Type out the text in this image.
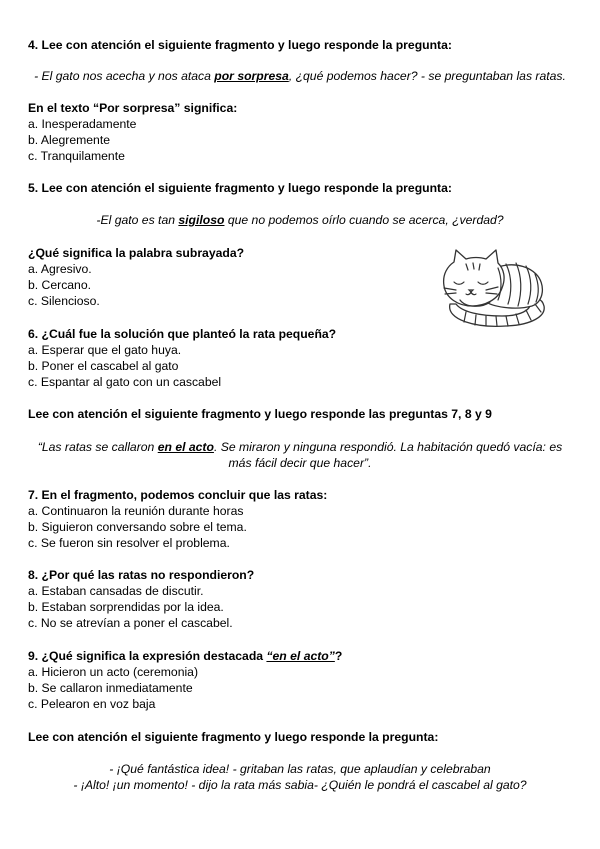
4. Lee con atención el siguiente fragmento y luego responde la pregunta:
- El gato nos acecha y nos ataca por sorpresa, ¿qué podemos hacer? - se preguntaban las ratas.
En el texto “Por sorpresa” significa:
a. Inesperadamente
b. Alegremente
c. Tranquilamente
5. Lee con atención el siguiente fragmento y luego responde la pregunta:
-El gato es tan sigiloso que no podemos oírlo cuando se acerca, ¿verdad?
¿Qué significa la palabra subrayada?
a. Agresivo.
b. Cercano.
c. Silencioso.
6. ¿Cuál fue la solución que planteó la rata pequeña?
a. Esperar que el gato huya.
b. Poner el cascabel al gato
c. Espantar al gato con un cascabel
Lee con atención el siguiente fragmento y luego responde las preguntas 7, 8 y 9
“Las ratas se callaron en el acto. Se miraron y ninguna respondió. La habitación quedó vacía: es
más fácil decir que hacer”.
7. En el fragmento, podemos concluir que las ratas:
a. Continuaron la reunión durante horas
b. Siguieron conversando sobre el tema.
c. Se fueron sin resolver el problema.
8. ¿Por qué las ratas no respondieron?
a. Estaban cansadas de discutir.
b. Estaban sorprendidas por la idea.
c. No se atrevían a poner el cascabel.
9. ¿Qué significa la expresión destacada “en el acto”?
a. Hicieron un acto (ceremonia)
b. Se callaron inmediatamente
c. Pelearon en voz baja
Lee con atención el siguiente fragmento y luego responde la pregunta:
- ¡Qué fantástica idea! - gritaban las ratas, que aplaudían y celebraban
- ¡Alto! ¡un momento! - dijo la rata más sabia- ¿Quién le pondrá el cascabel al gato?
